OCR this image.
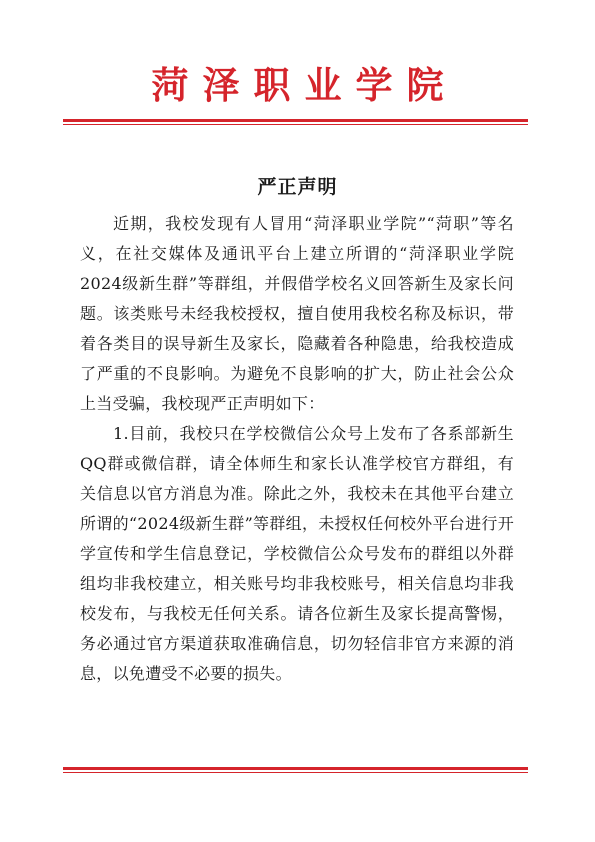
菏泽职业学院
严正声明

近期，我校发现有人冒用“菏泽职业学院”“菏职”等名义，在社交媒体及通讯平台上建立所谓的“菏泽职业学院2024级新生群”等群组，并假借学校名义回答新生及家长问题。该类账号未经我校授权，擅自使用我校名称及标识，带着各类目的误导新生及家长，隐藏着各种隐患，给我校造成了严重的不良影响。为避免不良影响的扩大，防止社会公众上当受骗，我校现严正声明如下：

1.目前，我校只在学校微信公众号上发布了各系部新生QQ群或微信群，请全体师生和家长认准学校官方群组，有关信息以官方消息为准。除此之外，我校未在其他平台建立所谓的“2024级新生群”等群组，未授权任何校外平台进行开学宣传和学生信息登记，学校微信公众号发布的群组以外群组均非我校建立，相关账号均非我校账号，相关信息均非我校发布，与我校无任何关系。请各位新生及家长提高警惕，务必通过官方渠道获取准确信息，切勿轻信非官方来源的消息，以免遭受不必要的损失。
